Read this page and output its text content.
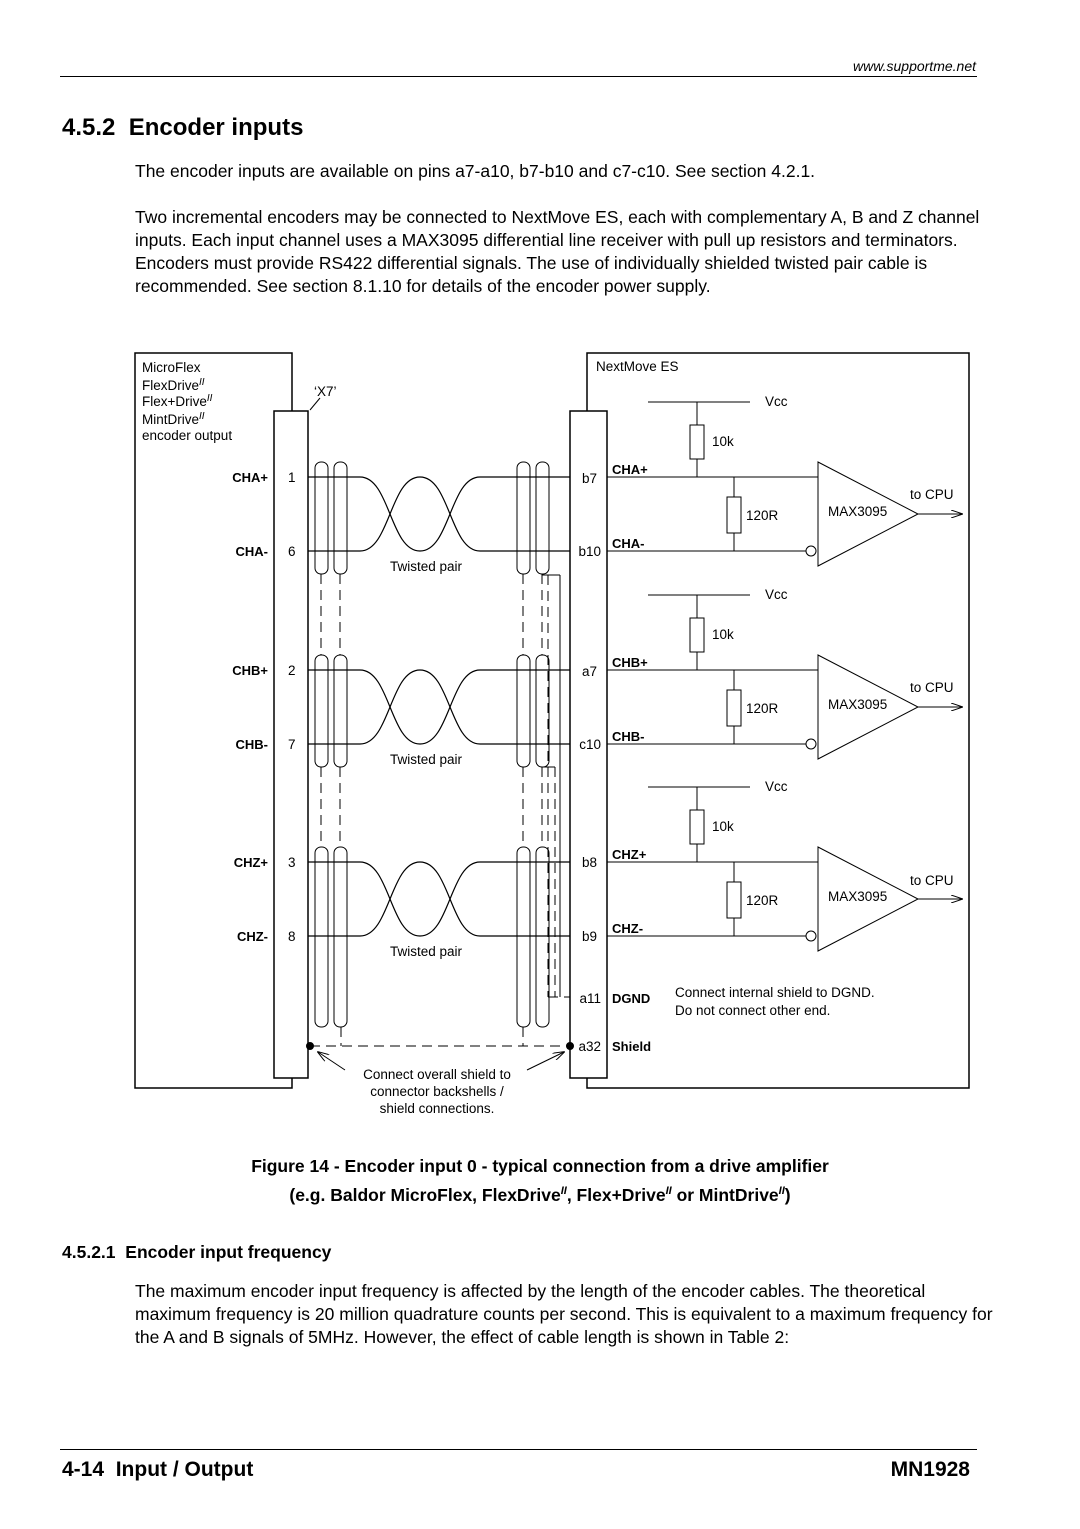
www.supportme.net
4.5.2 Encoder inputs
The encoder inputs are available on pins a7-a10, b7-b10 and c7-c10. See section 4.2.1.
Two incremental encoders may be connected to NextMove ES, each with complementary A, B and Z channel inputs. Each input channel uses a MAX3095 differential line receiver with pull up resistors and terminators. Encoders must provide RS422 differential signals. The use of individually shielded twisted pair cable is recommended. See section 8.1.10 for details of the encoder power supply.
MicroFlex
FlexDrive$^{II}$
Flex+Drive$^{II}$
MintDrive$^{II}$
encoder output
‘X7’
NextMove ES
CHA+
CHA-
1
6
b7
b10
CHA+
CHA-
Twisted pair
Vcc
10k
120R	MAX3095
to CPU
CHB+
CHB-
2
7
a7
c10
CHB+
CHB-
Twisted pair
Vcc
10k
120R	MAX3095
to CPU
CHZ+
CHZ-
3
8
b8
b9
CHZ+
CHZ-
Twisted pair
Vcc
10k
120R	MAX3095
to CPU
a11 DGND Connect internal shield to DGND.
Do not connect other end.
a32 Shield
Connect overall shield to
connector backshells /
shield connections.
Figure 14 - Encoder input 0 - typical connection from a drive amplifier
(e.g. Baldor MicroFlex, FlexDrive$^{II}$, Flex+Drive$^{II}$ or MintDrive$^{II}$)
4.5.2.1 Encoder input frequency
The maximum encoder input frequency is affected by the length of the encoder cables. The theoretical maximum frequency is 20 million quadrature counts per second. This is equivalent to a maximum frequency for the A and B signals of 5MHz. However, the effect of cable length is shown in Table 2:
4-14 Input / Output	MN1928
